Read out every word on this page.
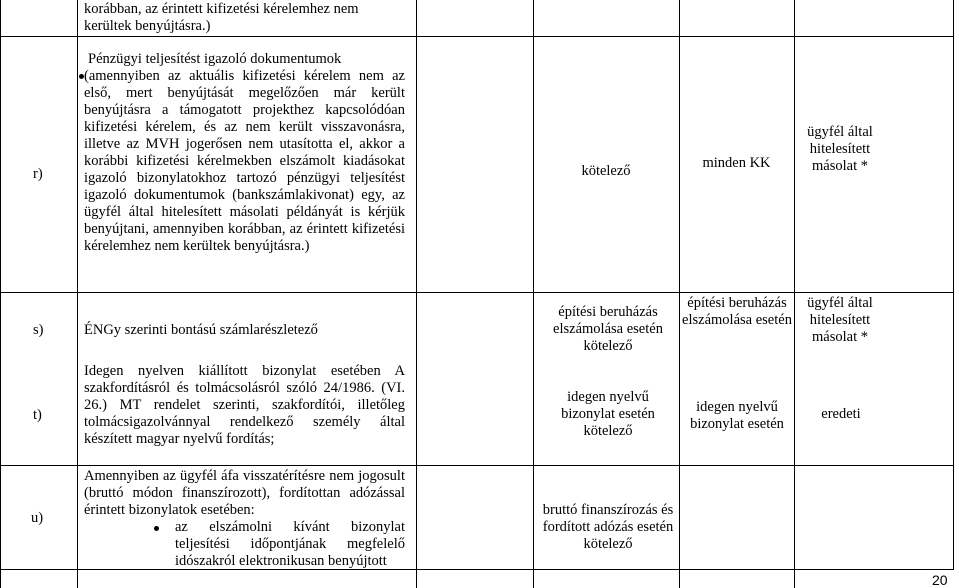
korábban, az érintett kifizetési kérelemhez nem
kerültek benyújtásra.)
r)
Pénzügyi teljesítést igazoló dokumentumok
(amennyiben az aktuális kifizetési kérelem nem az első, mert benyújtását megelőzően már került benyújtásra a támogatott projekthez kapcsolódóan kifizetési kérelem, és az nem került visszavonásra, illetve az MVH jogerősen nem utasította el, akkor a korábbi kifizetési kérelmekben elszámolt kiadásokat igazoló bizonylatokhoz tartozó pénzügyi teljesítést igazoló dokumentumok (bankszámlakivonat) egy, az ügyfél által hitelesített másolati példányát is kérjük benyújtani, amennyiben korábban, az érintett kifizetési kérelemhez nem kerültek benyújtásra.)
kötelező	minden KK
ügyfél által hitelesített másolat *
s)	ÉNGy szerinti bontású számlarészletező
építési beruházás elszámolása esetén kötelező
építési beruházás elszámolása esetén
ügyfél által hitelesített másolat *
t)
Idegen nyelven kiállított bizonylat esetében A szakfordításról és tolmácsolásról szóló 24/1986. (VI. 26.) MT rendelet szerinti, szakfordítói, illetőleg tolmácsigazolvánnyal rendelkező személy által készített magyar nyelvű fordítás;
idegen nyelvű bizonylat esetén kötelező
idegen nyelvű bizonylat esetén
eredeti
u)
Amennyiben az ügyfél áfa visszatérítésre nem jogosult (bruttó módon finanszírozott), fordítottan adózással érintett bizonylatok esetében:
az elszámolni kívánt bizonylat teljesítési időpontjának megfelelő idószakról elektronikusan benyújtott
bruttó finanszírozás és fordított adózás esetén kötelező
20
